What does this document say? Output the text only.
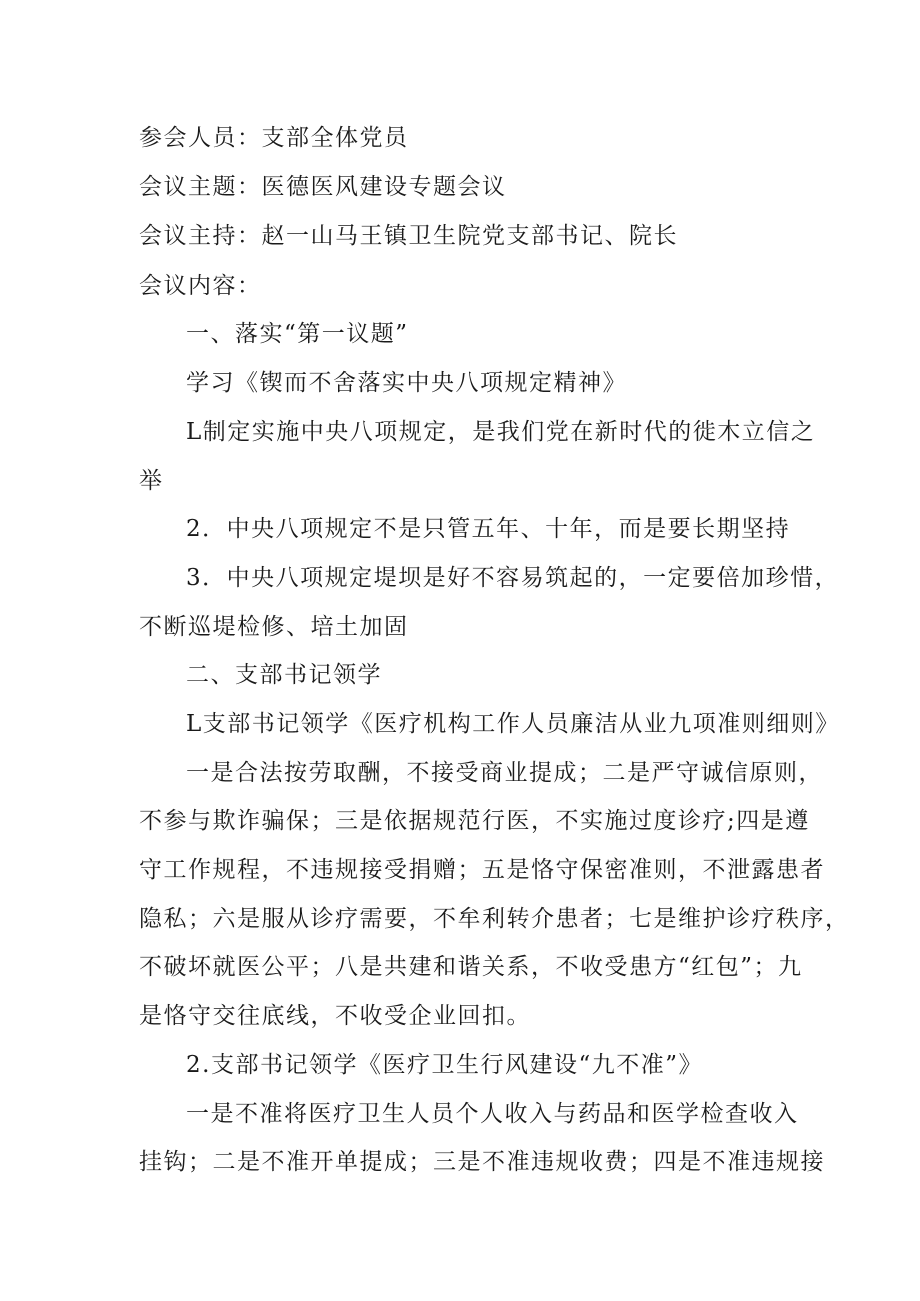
参会人员：支部全体党员

会议主题：医德医风建设专题会议

会议主持：赵一山马王镇卫生院党支部书记、院长

会议内容：

一、落实“第一议题”

学习《锲而不舍落实中央八项规定精神》

L制定实施中央八项规定，是我们党在新时代的徙木立信之

举

2．中央八项规定不是只管五年、十年，而是要长期坚持

3．中央八项规定堤坝是好不容易筑起的，一定要倍加珍惜，

不断巡堤检修、培土加固

二、支部书记领学

L支部书记领学《医疗机构工作人员廉洁从业九项准则细则》

一是合法按劳取酬，不接受商业提成；二是严守诚信原则，

不参与欺诈骗保；三是依据规范行医，不实施过度诊疗;四是遵

守工作规程，不违规接受捐赠；五是恪守保密准则，不泄露患者

隐私；六是服从诊疗需要，不牟利转介患者；七是维护诊疗秩序，

不破坏就医公平；八是共建和谐关系，不收受患方“红包”；九

是恪守交往底线，不收受企业回扣。

2.支部书记领学《医疗卫生行风建设“九不准”》

一是不准将医疗卫生人员个人收入与药品和医学检查收入

挂钩；二是不准开单提成；三是不准违规收费；四是不准违规接
